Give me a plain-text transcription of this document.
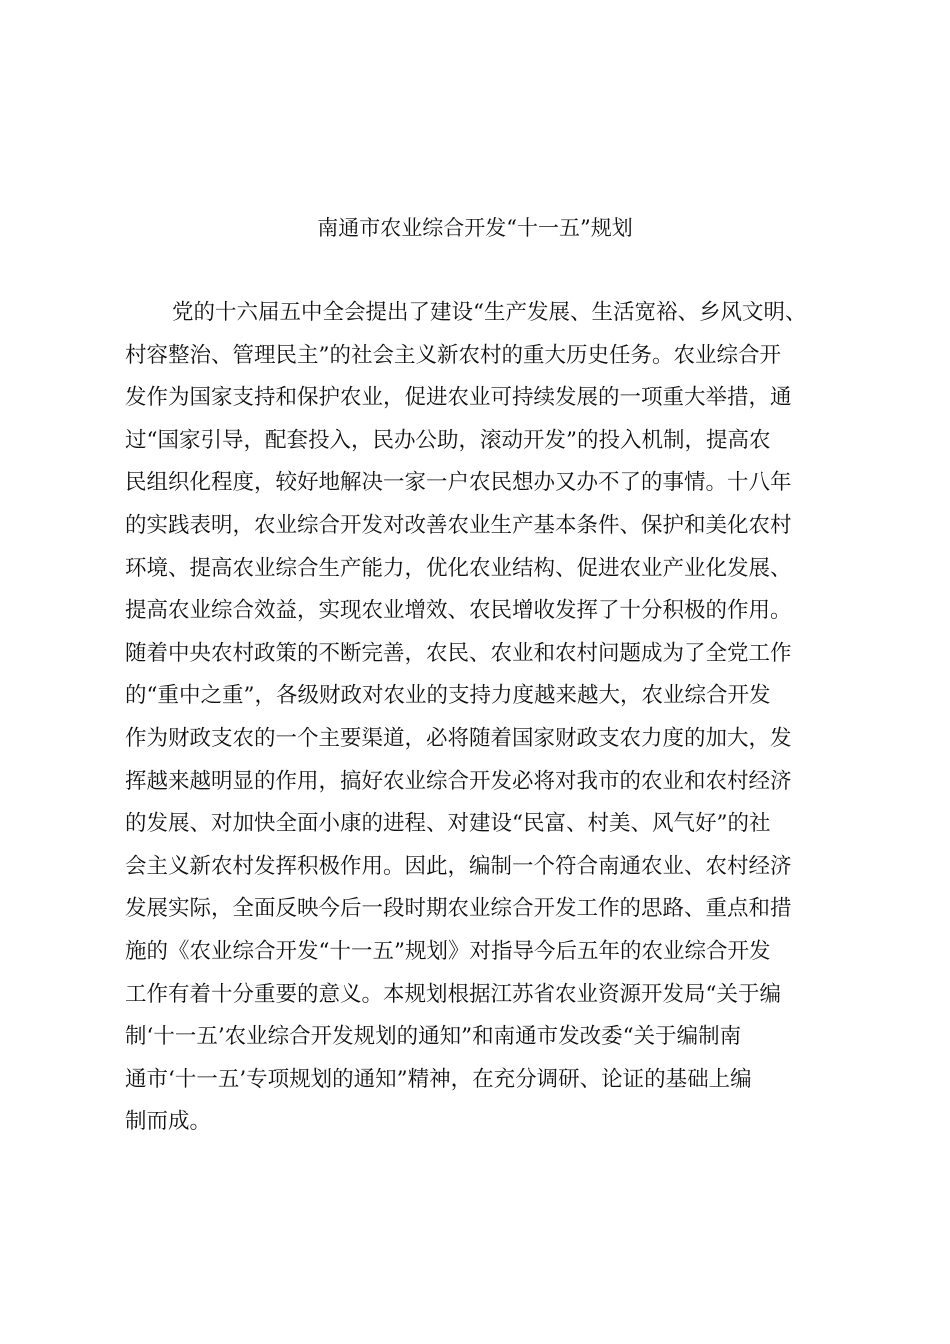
南通市农业综合开发“十一五”规划
党的十六届五中全会提出了建设“生产发展、生活宽裕、乡风文明、
村容整治、管理民主”的社会主义新农村的重大历史任务。农业综合开
发作为国家支持和保护农业，促进农业可持续发展的一项重大举措，通
过“国家引导，配套投入，民办公助，滚动开发”的投入机制，提高农
民组织化程度，较好地解决一家一户农民想办又办不了的事情。十八年
的实践表明，农业综合开发对改善农业生产基本条件、保护和美化农村
环境、提高农业综合生产能力，优化农业结构、促进农业产业化发展、
提高农业综合效益，实现农业增效、农民增收发挥了十分积极的作用。
随着中央农村政策的不断完善，农民、农业和农村问题成为了全党工作
的“重中之重”，各级财政对农业的支持力度越来越大，农业综合开发
作为财政支农的一个主要渠道，必将随着国家财政支农力度的加大，发
挥越来越明显的作用，搞好农业综合开发必将对我市的农业和农村经济
的发展、对加快全面小康的进程、对建设“民富、村美、风气好”的社
会主义新农村发挥积极作用。因此，编制一个符合南通农业、农村经济
发展实际，全面反映今后一段时期农业综合开发工作的思路、重点和措
施的《农业综合开发“十一五”规划》对指导今后五年的农业综合开发
工作有着十分重要的意义。本规划根据江苏省农业资源开发局“关于编
制‘十一五’农业综合开发规划的通知”和南通市发改委“关于编制南
通市‘十一五’专项规划的通知”精神，在充分调研、论证的基础上编
制而成。
